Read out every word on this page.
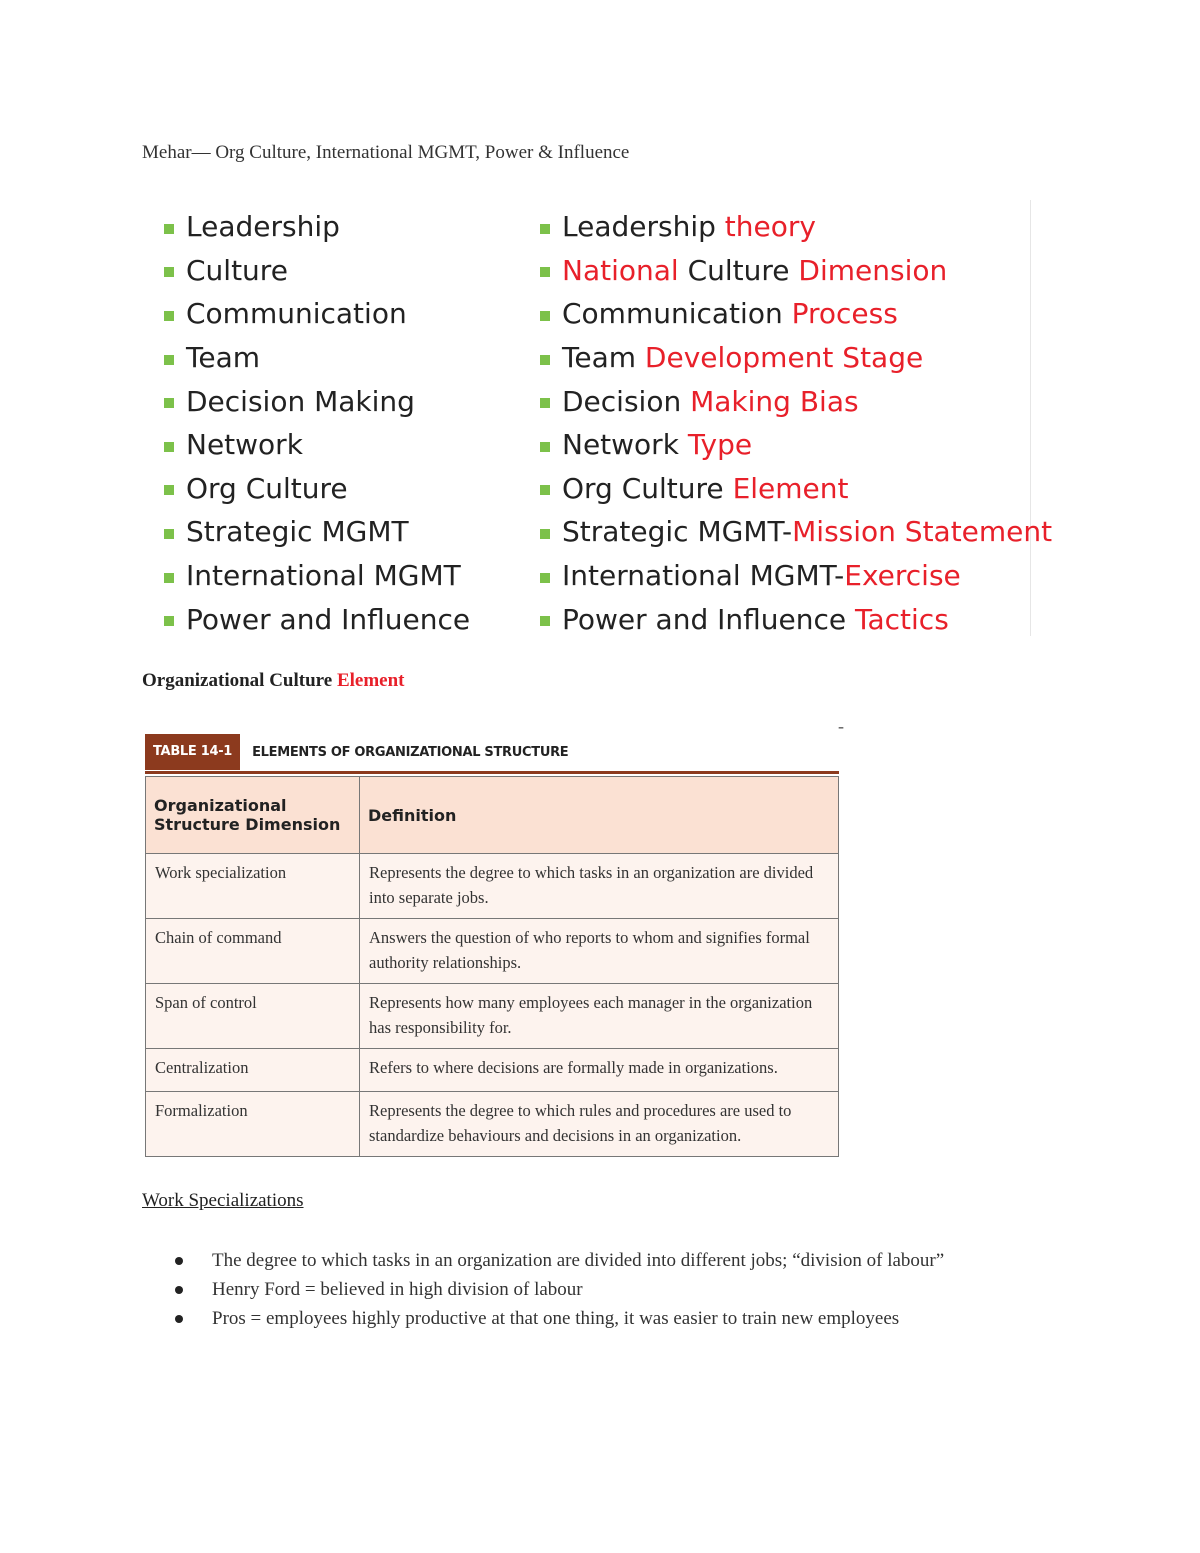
Mehar— Org Culture, International MGMT, Power & Influence
Leadership
Culture
Communication
Team
Decision Making
Network
Org Culture
Strategic MGMT
International MGMT
Power and Influence
Leadership theory
National Culture Dimension
Communication Process
Team Development Stage
Decision Making Bias
Network Type
Org Culture Element
Strategic MGMT- Mission Statement
International MGMT- Exercise
Power and Influence Tactics
Organizational Culture Element
-
TABLE 14-1	ELEMENTS OF ORGANIZATIONAL STRUCTURE
Organizational Structure Dimension	Definition
Work specialization	Represents the degree to which tasks in an organization are divided into separate jobs.
Chain of command	Answers the question of who reports to whom and signifies formal authority relationships.
Span of control	Represents how many employees each manager in the organization has responsibility for.
Centralization	Refers to where decisions are formally made in organizations.
Formalization	Represents the degree to which rules and procedures are used to standardize behaviours and decisions in an organization.
Work Specializations
The degree to which tasks in an organization are divided into different jobs; “division of labour”
Henry Ford = believed in high division of labour
Pros = employees highly productive at that one thing, it was easier to train new employees
